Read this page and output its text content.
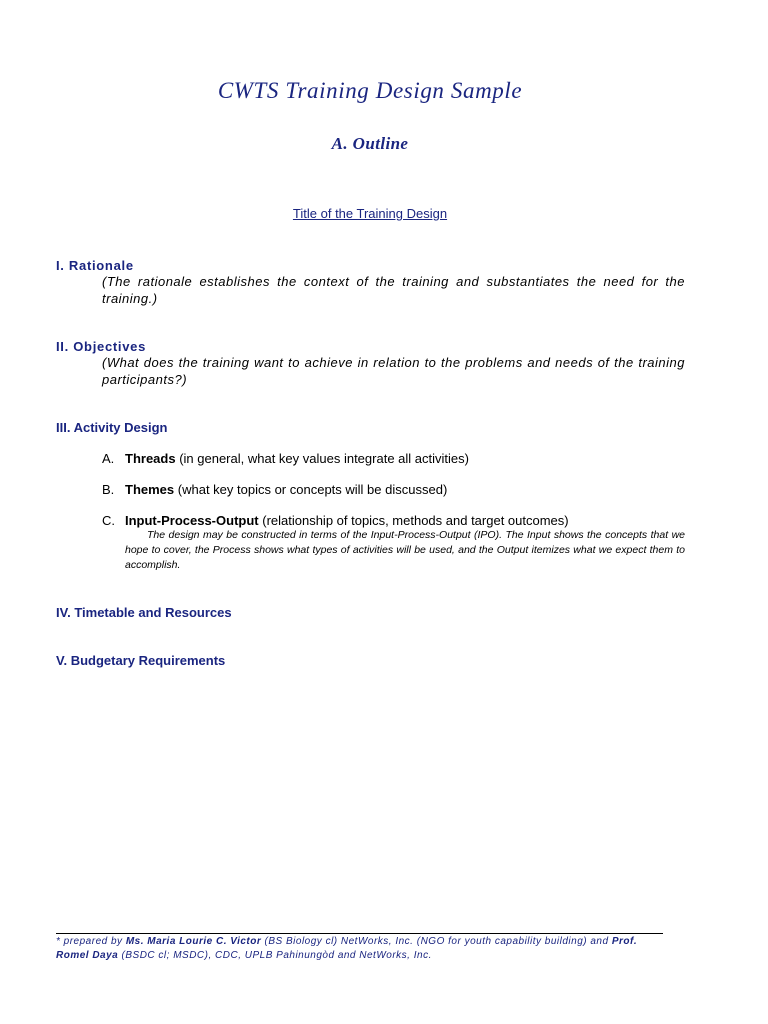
CWTS Training Design Sample
A. Outline
Title of the Training Design
I. Rationale
(The rationale establishes the context of the training and substantiates the need for the training.)
II. Objectives
(What does the training want to achieve in relation to the problems and needs of the training participants?)
III. Activity Design
A. Threads (in general, what key values integrate all activities)
B. Themes (what key topics or concepts will be discussed)
C. Input-Process-Output (relationship of topics, methods and target outcomes)
The design may be constructed in terms of the Input-Process-Output (IPO). The Input shows the concepts that we hope to cover, the Process shows what types of activities will be used, and the Output itemizes what we expect them to accomplish.
IV. Timetable and Resources
V. Budgetary Requirements
* prepared by Ms. Maria Lourie C. Victor (BS Biology cl) NetWorks, Inc. (NGO for youth capability building) and Prof. Romel Daya (BSDC cl; MSDC), CDC, UPLB Pahinungòd and NetWorks, Inc.
